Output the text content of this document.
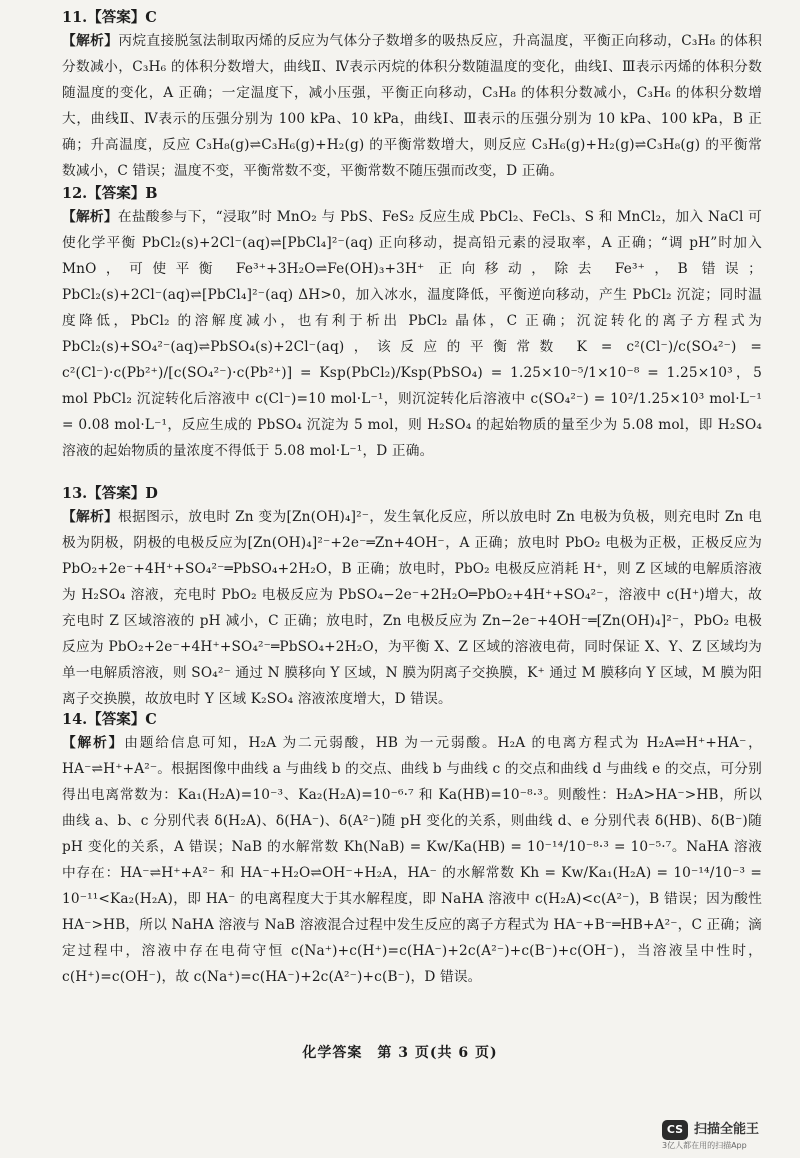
11.【答案】C
【解析】丙烷直接脱氢法制取丙烯的反应为气体分子数增多的吸热反应，升高温度，平衡正向移动，C₃H₈ 的体积分数减小，C₃H₆ 的体积分数增大，曲线Ⅱ、Ⅳ表示丙烷的体积分数随温度的变化，曲线Ⅰ、Ⅲ表示丙烯的体积分数随温度的变化，A 正确；一定温度下，减小压强，平衡正向移动，C₃H₈ 的体积分数减小，C₃H₆ 的体积分数增大，曲线Ⅱ、Ⅳ表示的压强分别为 100 kPa、10 kPa，曲线Ⅰ、Ⅲ表示的压强分别为 10 kPa、100 kPa，B 正确；升高温度，反应 C₃H₈(g)⇌C₃H₆(g)+H₂(g) 的平衡常数增大，则反应 C₃H₆(g)+H₂(g)⇌C₃H₈(g) 的平衡常数减小，C 错误；温度不变，平衡常数不变，平衡常数不随压强而改变，D 正确。
12.【答案】B
【解析】在盐酸参与下，“浸取”时 MnO₂ 与 PbS、FeS₂ 反应生成 PbCl₂、FeCl₃、S 和 MnCl₂，加入 NaCl 可使化学平衡 PbCl₂(s)+2Cl⁻(aq)⇌[PbCl₄]²⁻(aq) 正向移动，提高铅元素的浸取率，A 正确；“调 pH”时加入 MnO，可使平衡 Fe³⁺+3H₂O⇌Fe(OH)₃+3H⁺ 正向移动，除去 Fe³⁺，B 错误；PbCl₂(s)+2Cl⁻(aq)⇌[PbCl₄]²⁻(aq) ΔH>0，加入冰水，温度降低，平衡逆向移动，产生 PbCl₂ 沉淀；同时温度降低，PbCl₂ 的溶解度减小，也有利于析出 PbCl₂ 晶体，C 正确；沉淀转化的离子方程式为 PbCl₂(s)+SO₄²⁻(aq)⇌PbSO₄(s)+2Cl⁻(aq)，该反应的平衡常数 K = c²(Cl⁻)/c(SO₄²⁻) = c²(Cl⁻)·c(Pb²⁺)/[c(SO₄²⁻)·c(Pb²⁺)] = Ksp(PbCl₂)/Ksp(PbSO₄) = 1.25×10⁻⁵/1×10⁻⁸ = 1.25×10³，5 mol PbCl₂ 沉淀转化后溶液中 c(Cl⁻)=10 mol·L⁻¹，则沉淀转化后溶液中 c(SO₄²⁻) = 10²/1.25×10³ mol·L⁻¹ = 0.08 mol·L⁻¹，反应生成的 PbSO₄ 沉淀为 5 mol，则 H₂SO₄ 的起始物质的量至少为 5.08 mol，即 H₂SO₄ 溶液的起始物质的量浓度不得低于 5.08 mol·L⁻¹，D 正确。
13.【答案】D
【解析】根据图示，放电时 Zn 变为[Zn(OH)₄]²⁻，发生氧化反应，所以放电时 Zn 电极为负极，则充电时 Zn 电极为阴极，阴极的电极反应为[Zn(OH)₄]²⁻+2e⁻═Zn+4OH⁻，A 正确；放电时 PbO₂ 电极为正极，正极反应为 PbO₂+2e⁻+4H⁺+SO₄²⁻═PbSO₄+2H₂O，B 正确；放电时，PbO₂ 电极反应消耗 H⁺，则 Z 区域的电解质溶液为 H₂SO₄ 溶液，充电时 PbO₂ 电极反应为 PbSO₄−2e⁻+2H₂O═PbO₂+4H⁺+SO₄²⁻，溶液中 c(H⁺)增大，故充电时 Z 区域溶液的 pH 减小，C 正确；放电时，Zn 电极反应为 Zn−2e⁻+4OH⁻═[Zn(OH)₄]²⁻，PbO₂ 电极反应为 PbO₂+2e⁻+4H⁺+SO₄²⁻═PbSO₄+2H₂O，为平衡 X、Z 区域的溶液电荷，同时保证 X、Y、Z 区域均为单一电解质溶液，则 SO₄²⁻ 通过 N 膜移向 Y 区域，N 膜为阴离子交换膜，K⁺ 通过 M 膜移向 Y 区域，M 膜为阳离子交换膜，故放电时 Y 区域 K₂SO₄ 溶液浓度增大，D 错误。
14.【答案】C
【解析】由题给信息可知，H₂A 为二元弱酸，HB 为一元弱酸。H₂A 的电离方程式为 H₂A⇌H⁺+HA⁻，HA⁻⇌H⁺+A²⁻。根据图像中曲线 a 与曲线 b 的交点、曲线 b 与曲线 c 的交点和曲线 d 与曲线 e 的交点，可分别得出电离常数为：Ka₁(H₂A)=10⁻³、Ka₂(H₂A)=10⁻⁶·⁷ 和 Ka(HB)=10⁻⁸·³。则酸性：H₂A>HA⁻>HB，所以曲线 a、b、c 分别代表 δ(H₂A)、δ(HA⁻)、δ(A²⁻)随 pH 变化的关系，则曲线 d、e 分别代表 δ(HB)、δ(B⁻)随 pH 变化的关系，A 错误；NaB 的水解常数 Kh(NaB) = Kw/Ka(HB) = 10⁻¹⁴/10⁻⁸·³ = 10⁻⁵·⁷。NaHA 溶液中存在：HA⁻⇌H⁺+A²⁻ 和 HA⁻+H₂O⇌OH⁻+H₂A，HA⁻ 的水解常数 Kh = Kw/Ka₁(H₂A) = 10⁻¹⁴/10⁻³ = 10⁻¹¹<Ka₂(H₂A)，即 HA⁻ 的电离程度大于其水解程度，即 NaHA 溶液中 c(H₂A)<c(A²⁻)，B 错误；因为酸性 HA⁻>HB，所以 NaHA 溶液与 NaB 溶液混合过程中发生反应的离子方程式为 HA⁻+B⁻═HB+A²⁻，C 正确；滴定过程中，溶液中存在电荷守恒 c(Na⁺)+c(H⁺)=c(HA⁻)+2c(A²⁻)+c(B⁻)+c(OH⁻)，当溶液呈中性时，c(H⁺)=c(OH⁻)，故 c(Na⁺)=c(HA⁻)+2c(A²⁻)+c(B⁻)，D 错误。
化学答案　第 3 页(共 6 页)
CS 扫描全能王
3亿人都在用的扫描App
